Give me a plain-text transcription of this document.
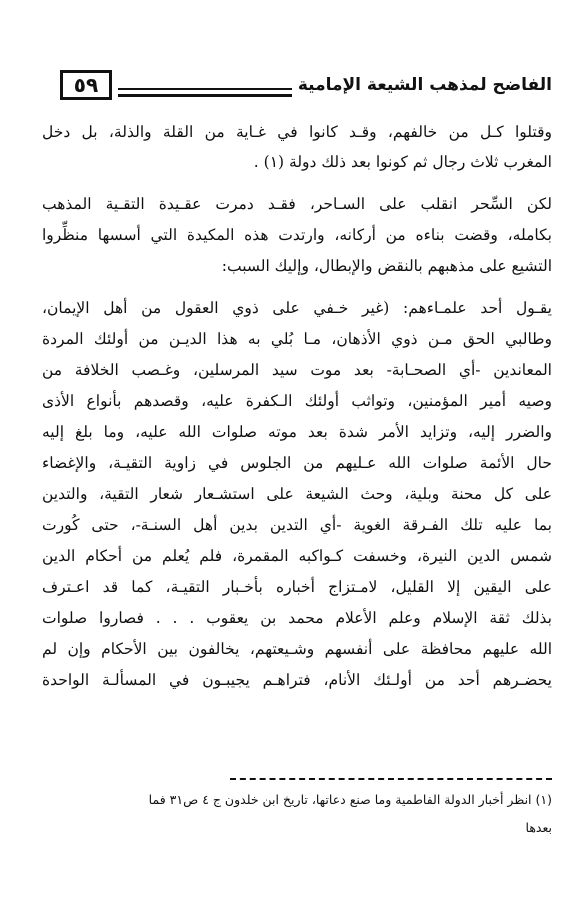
٥٩	الفاضح لمذهب الشيعة الإمامية
وقتلوا كـل من خالفهم، وقـد كانوا في غـاية من القلة والذلة، بل دخل
المغرب ثلاث رجال ثم كونوا بعد ذلك دولة (١) .
لكن السِّحر انقلب على السـاحر، فقـد دمرت عقـيدة التقـية المذهب
بكامله، وقضت بناءه من أركانه، وارتدت هذه المكيدة التي أسسها منظِّروا
التشيع على مذهبهم بالنقض والإبطال، وإليك السبب:
يقـول أحد علمـاءهم: (غير خـفي على ذوي العقول من أهل الإيمان،
وطالبي الحق مـن ذوي الأذهان، مـا بُلي به هذا الديـن من أولئك المردة
المعاندين -أي الصحـابة- بعد موت سيد المرسلين، وغـصب الخلافة من
وصيه أمير المؤمنين، وتواثب أولئك الـكفرة عليه، وقصدهم بأنواع الأذى
والضرر إليه، وتزايد الأمر شدة بعد موته صلوات الله عليه، وما بلغ إليه
حال الأئمة صلوات الله عـليهم من الجلوس في زاوية التقيـة، والإغضاء
على كل محنة وبلية، وحث الشيعة على استشـعار شعار التقية، والتدين
بما عليه تلك الفـرقة الغوية -أي التدين بدين أهل السنـة-، حتى كُورت
شمس الدين النيرة، وخسفت كـواكبه المقمرة، فلم يُعلم من أحكام الدين
على اليقين إلا القليل، لامـتزاج أخباره بأخـبار التقيـة، كما قد اعـترف
بذلك ثقة الإسلام وعلم الأعلام محمد بن يعقوب . . . فصاروا صلوات
الله عليهم محافظة على أنفسهم وشـيعتهم، يخالفون بين الأحكام وإن لم
يحضـرهم أحد من أولـئك الأنام، فتراهـم يجيبـون في المسألـة الواحدة
(١) انظر أخبار الدولة الفاطمية وما صنع دعاتها، تاريخ ابن خلدون ج ٤ ص٣١ فما
بعدها
